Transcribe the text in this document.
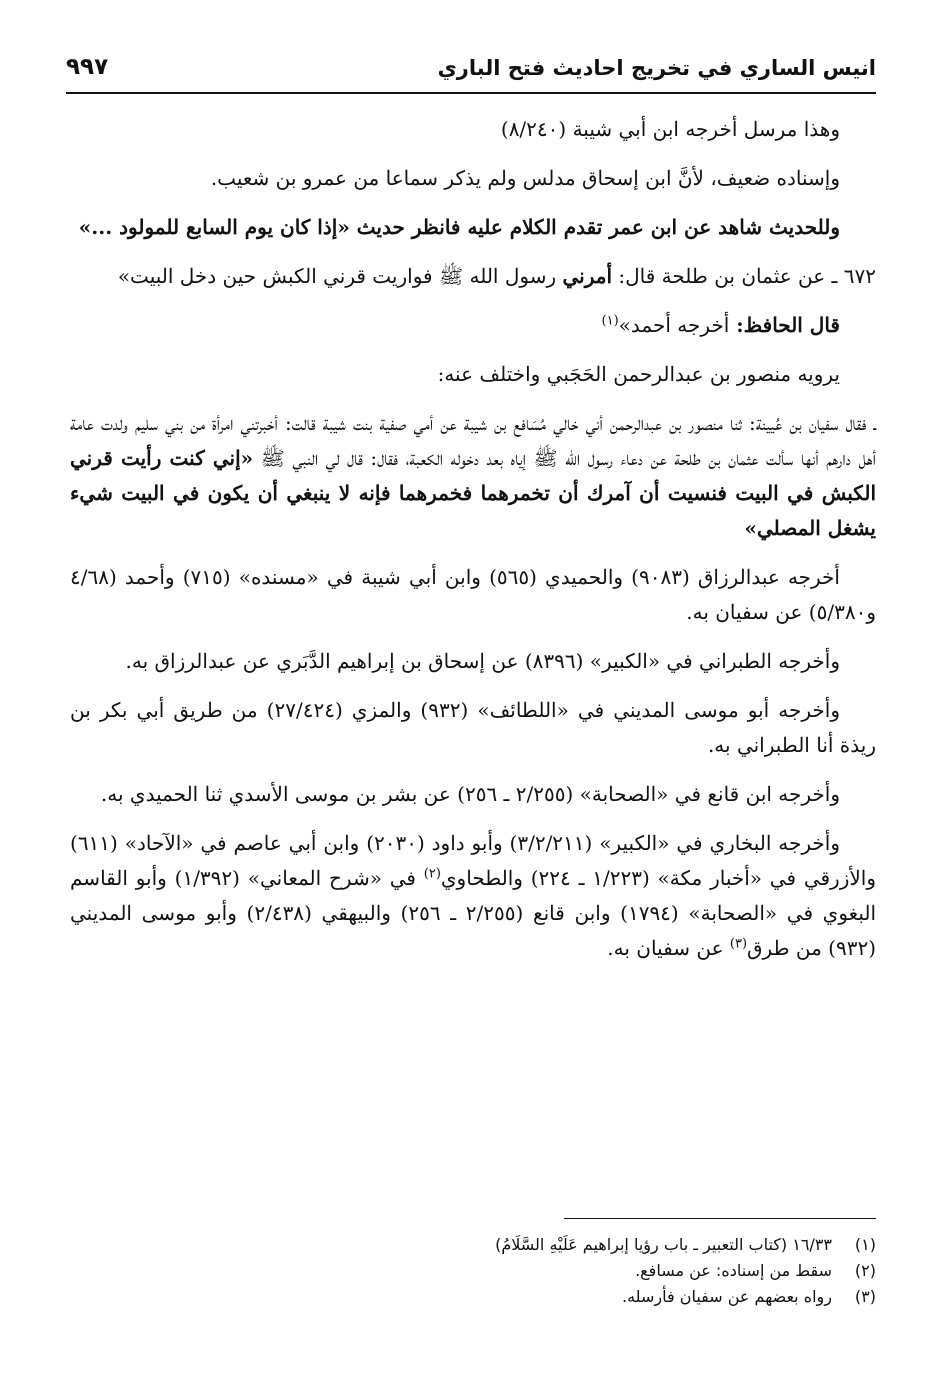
انيس الساري في تخريج احاديث فتح الباري
٩٩٧

وهذا مرسل أخرجه ابن أبي شيبة (٨/٢٤٠)

وإسناده ضعيف، لأنَّ ابن إسحاق مدلس ولم يذكر سماعا من عمرو بن شعيب.

وللحديث شاهد عن ابن عمر تقدم الكلام عليه فانظر حديث «إذا كان يوم السابع للمولود ...»

٦٧٢ ـ عن عثمان بن طلحة قال: أمرني رسول الله ﷺ فواريت قرني الكبش حين دخل البيت»

قال الحافظ: أخرجه أحمد»$^{(١)}$

يرويه منصور بن عبدالرحمن الحَجَبي واختلف عنه:

ـ فقال سفيان بن عُيينة: ثنا منصور بن عبدالرحمن أني خالي مُسَافع بن شيبة عن أمي صفية بنت شيبة قالت: أخبرتني امرأة من بني سليم ولدت عامة أهل دارهم أنها سألت عثمان بن طلحة عن دعاء رسول الله ﷺ إياه بعد دخوله الكعبة، فقال: قال لي النبي ﷺ «إني كنت رأيت قرني الكبش في البيت فنسيت أن آمرك أن تخمرهما فخمرهما فإنه لا ينبغي أن يكون في البيت شيء يشغل المصلي»

أخرجه عبدالرزاق (٩٠٨٣) والحميدي (٥٦٥) وابن أبي شيبة في «مسنده» (٧١٥) وأحمد (٤/٦٨ و٥/٣٨٠) عن سفيان به.

وأخرجه الطبراني في «الكبير» (٨٣٩٦) عن إسحاق بن إبراهيم الدَّبَري عن عبدالرزاق به.

وأخرجه أبو موسى المديني في «اللطائف» (٩٣٢) والمزي (٢٧/٤٢٤) من طريق أبي بكر بن ريذة أنا الطبراني به.

وأخرجه ابن قانع في «الصحابة» (٢/٢٥٥ ـ ٢٥٦) عن بشر بن موسى الأسدي ثنا الحميدي به.

وأخرجه البخاري في «الكبير» (٣/٢/٢١١) وأبو داود (٢٠٣٠) وابن أبي عاصم في «الآحاد» (٦١١) والأزرقي في «أخبار مكة» (١/٢٢٣ ـ ٢٢٤) والطحاوي$^{(٢)}$ في «شرح المعاني» (١/٣٩٢) وأبو القاسم البغوي في «الصحابة» (١٧٩٤) وابن قانع (٢/٢٥٥ ـ ٢٥٦) والبيهقي (٢/٤٣٨) وأبو موسى المديني (٩٣٢) من طرق$^{(٣)}$ عن سفيان به.

(١)١٦/٣٣ (كتاب التعبير ـ باب رؤيا إبراهيم عَلَيْهِ السَّلَامُ)
(٢)سقط من إسناده: عن مسافع.
(٣)رواه بعضهم عن سفيان فأرسله.
